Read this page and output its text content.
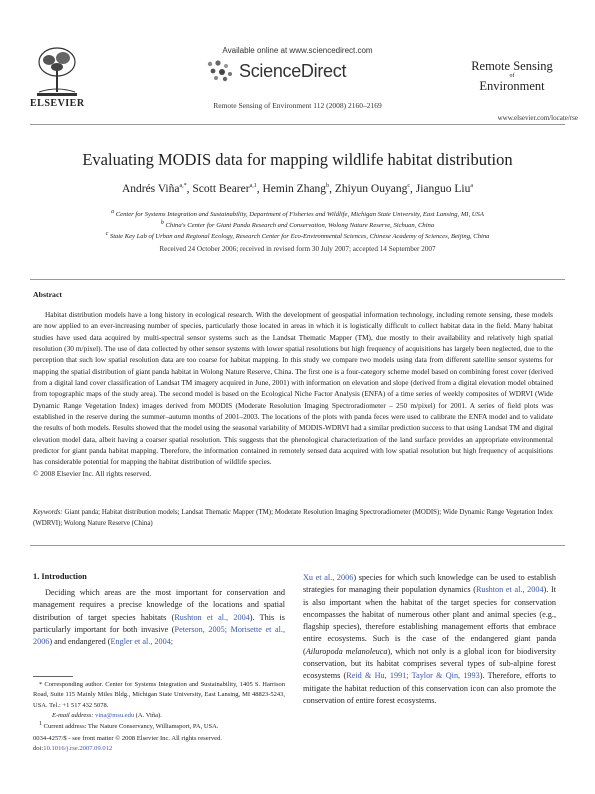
ELSEVIER
Available online at www.sciencedirect.com
ScienceDirect
Remote Sensing of Environment 112 (2008) 2160–2169
Remote Sensing
of
Environment
www.elsevier.com/locate/rse
Evaluating MODIS data for mapping wildlife habitat distribution
Andrés Viña$^{a,*}$, Scott Bearer$^{a,1}$, Hemin Zhang$^b$, Zhiyun Ouyang$^c$, Jianguo Liu$^a$
$^a$ Center for Systems Integration and Sustainability, Department of Fisheries and Wildlife, Michigan State University, East Lansing, MI, USA
$^b$ China's Center for Giant Panda Research and Conservation, Wolong Nature Reserve, Sichuan, China
$^c$ State Key Lab of Urban and Regional Ecology, Research Center for Eco-Environmental Sciences, Chinese Academy of Sciences, Beijing, China
Received 24 October 2006; received in revised form 30 July 2007; accepted 14 September 2007
Abstract

Habitat distribution models have a long history in ecological research. With the development of geospatial information technology, including remote sensing, these models are now applied to an ever-increasing number of species, particularly those located in areas in which it is logistically difficult to collect habitat data in the field. Many habitat studies have used data acquired by multi-spectral sensor systems such as the Landsat Thematic Mapper (TM), due mostly to their availability and relatively high spatial resolution (30 m/pixel). The use of data collected by other sensor systems with lower spatial resolutions but high frequency of acquisitions has largely been neglected, due to the perception that such low spatial resolution data are too coarse for habitat mapping. In this study we compare two models using data from different satellite sensor systems for mapping the spatial distribution of giant panda habitat in Wolong Nature Reserve, China. The first one is a four-category scheme model based on combining forest cover (derived from a digital land cover classification of Landsat TM imagery acquired in June, 2001) with information on elevation and slope (derived from a digital elevation model obtained from topographic maps of the study area). The second model is based on the Ecological Niche Factor Analysis (ENFA) of a time series of weekly composites of WDRVI (Wide Dynamic Range Vegetation Index) images derived from MODIS (Moderate Resolution Imaging Spectroradiometer – 250 m/pixel) for 2001. A series of field plots was established in the reserve during the summer–autumn months of 2001–2003. The locations of the plots with panda feces were used to calibrate the ENFA model and to validate the results of both models. Results showed that the model using the seasonal variability of MODIS-WDRVI had a similar prediction success to that using Landsat TM and digital elevation model data, albeit having a coarser spatial resolution. This suggests that the phenological characterization of the land surface provides an appropriate environmental predictor for giant panda habitat mapping. Therefore, the information contained in remotely sensed data acquired with low spatial resolution but high frequency of acquisitions has considerable potential for mapping the habitat distribution of wildlife species.

© 2008 Elsevier Inc. All rights reserved.
Keywords: Giant panda; Habitat distribution models; Landsat Thematic Mapper (TM); Moderate Resolution Imaging Spectroradiometer (MODIS); Wide Dynamic Range Vegetation Index (WDRVI); Wolong Nature Reserve (China)
1. Introduction

Deciding which areas are the most important for conservation and management requires a precise knowledge of the locations and spatial distribution of target species habitats (Rushton et al., 2004). This is particularly important for both invasive (Peterson, 2005; Morisette et al., 2006) and endangered (Engler et al., 2004;

Xu et al., 2006) species for which such knowledge can be used to establish strategies for managing their population dynamics (Rushton et al., 2004). It is also important when the habitat of the target species for conservation encompasses the habitat of numerous other plant and animal species (e.g., flagship species), therefore establishing management efforts that embrace entire ecosystems. Such is the case of the endangered giant panda (Ailuropoda melanoleuca), which not only is a global icon for biodiversity conservation, but its habitat comprises several types of sub-alpine forest ecosystems (Reid & Hu, 1991; Taylor & Qin, 1993). Therefore, efforts to mitigate the habitat reduction of this conservation icon can also promote the conservation of entire forest ecosystems.

* Corresponding author. Center for Systems Integration and Sustainability, 1405 S. Harrison Road, Suite 115 Mainly Miles Bldg., Michigan State University, East Lansing, MI 48823-5243, USA. Tel.: +1 517 432 5078.
E-mail address: vina@msu.edu (A. Viña).
$^1$ Current address: The Nature Conservancy, Williamsport, PA, USA.
0034-4257/$ - see front matter © 2008 Elsevier Inc. All rights reserved.
doi:10.1016/j.rse.2007.09.012
